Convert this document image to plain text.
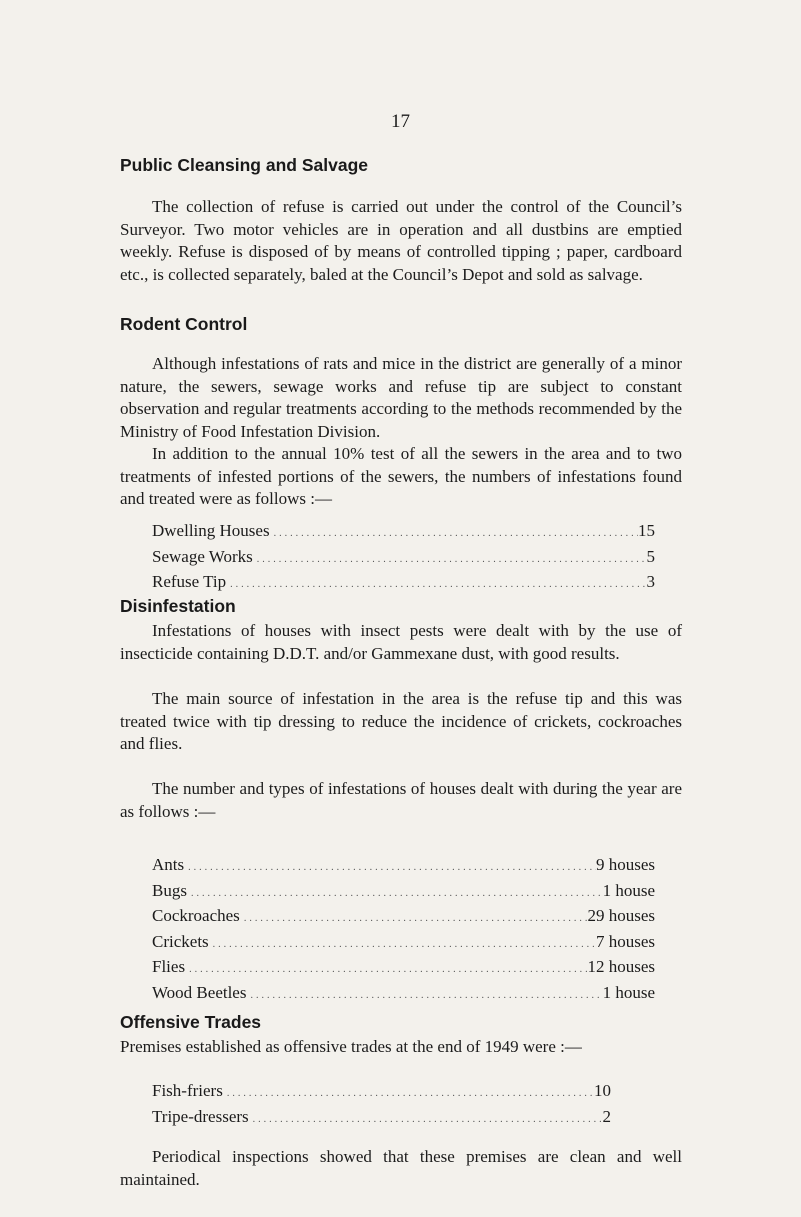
17
Public Cleansing and Salvage

The collection of refuse is carried out under the control of the Council’s Surveyor. Two motor vehicles are in operation and all dustbins are emptied weekly. Refuse is disposed of by means of controlled tipping ; paper, cardboard etc., is collected separately, baled at the Council’s Depot and sold as salvage.

Rodent Control

Although infestations of rats and mice in the district are generally of a minor nature, the sewers, sewage works and refuse tip are subject to constant observation and regular treatments according to the methods recommended by the Ministry of Food Infestation Division.

In addition to the annual 10% test of all the sewers in the area and to two treatments of infested portions of the sewers, the numbers of infestations found and treated were as follows :—

Dwelling Houses .....	15
Sewage Works .....	5
Refuse Tip .....	3
Disinfestation

Infestations of houses with insect pests were dealt with by the use of insecticide containing D.D.T. and/or Gammexane dust, with good results.

The main source of infestation in the area is the refuse tip and this was treated twice with tip dressing to reduce the incidence of crickets, cockroaches and flies.

The number and types of infestations of houses dealt with during the year are as follows :—

Ants .....	9 houses
Bugs .....	1 house
Cockroaches .....	29 houses
Crickets .....	7 houses
Flies .....	12 houses
Wood Beetles .....	1 house
Offensive Trades

Premises established as offensive trades at the end of 1949 were :—

Fish-friers .....	10
Tripe-dressers .....	2

Periodical inspections showed that these premises are clean and well maintained.
